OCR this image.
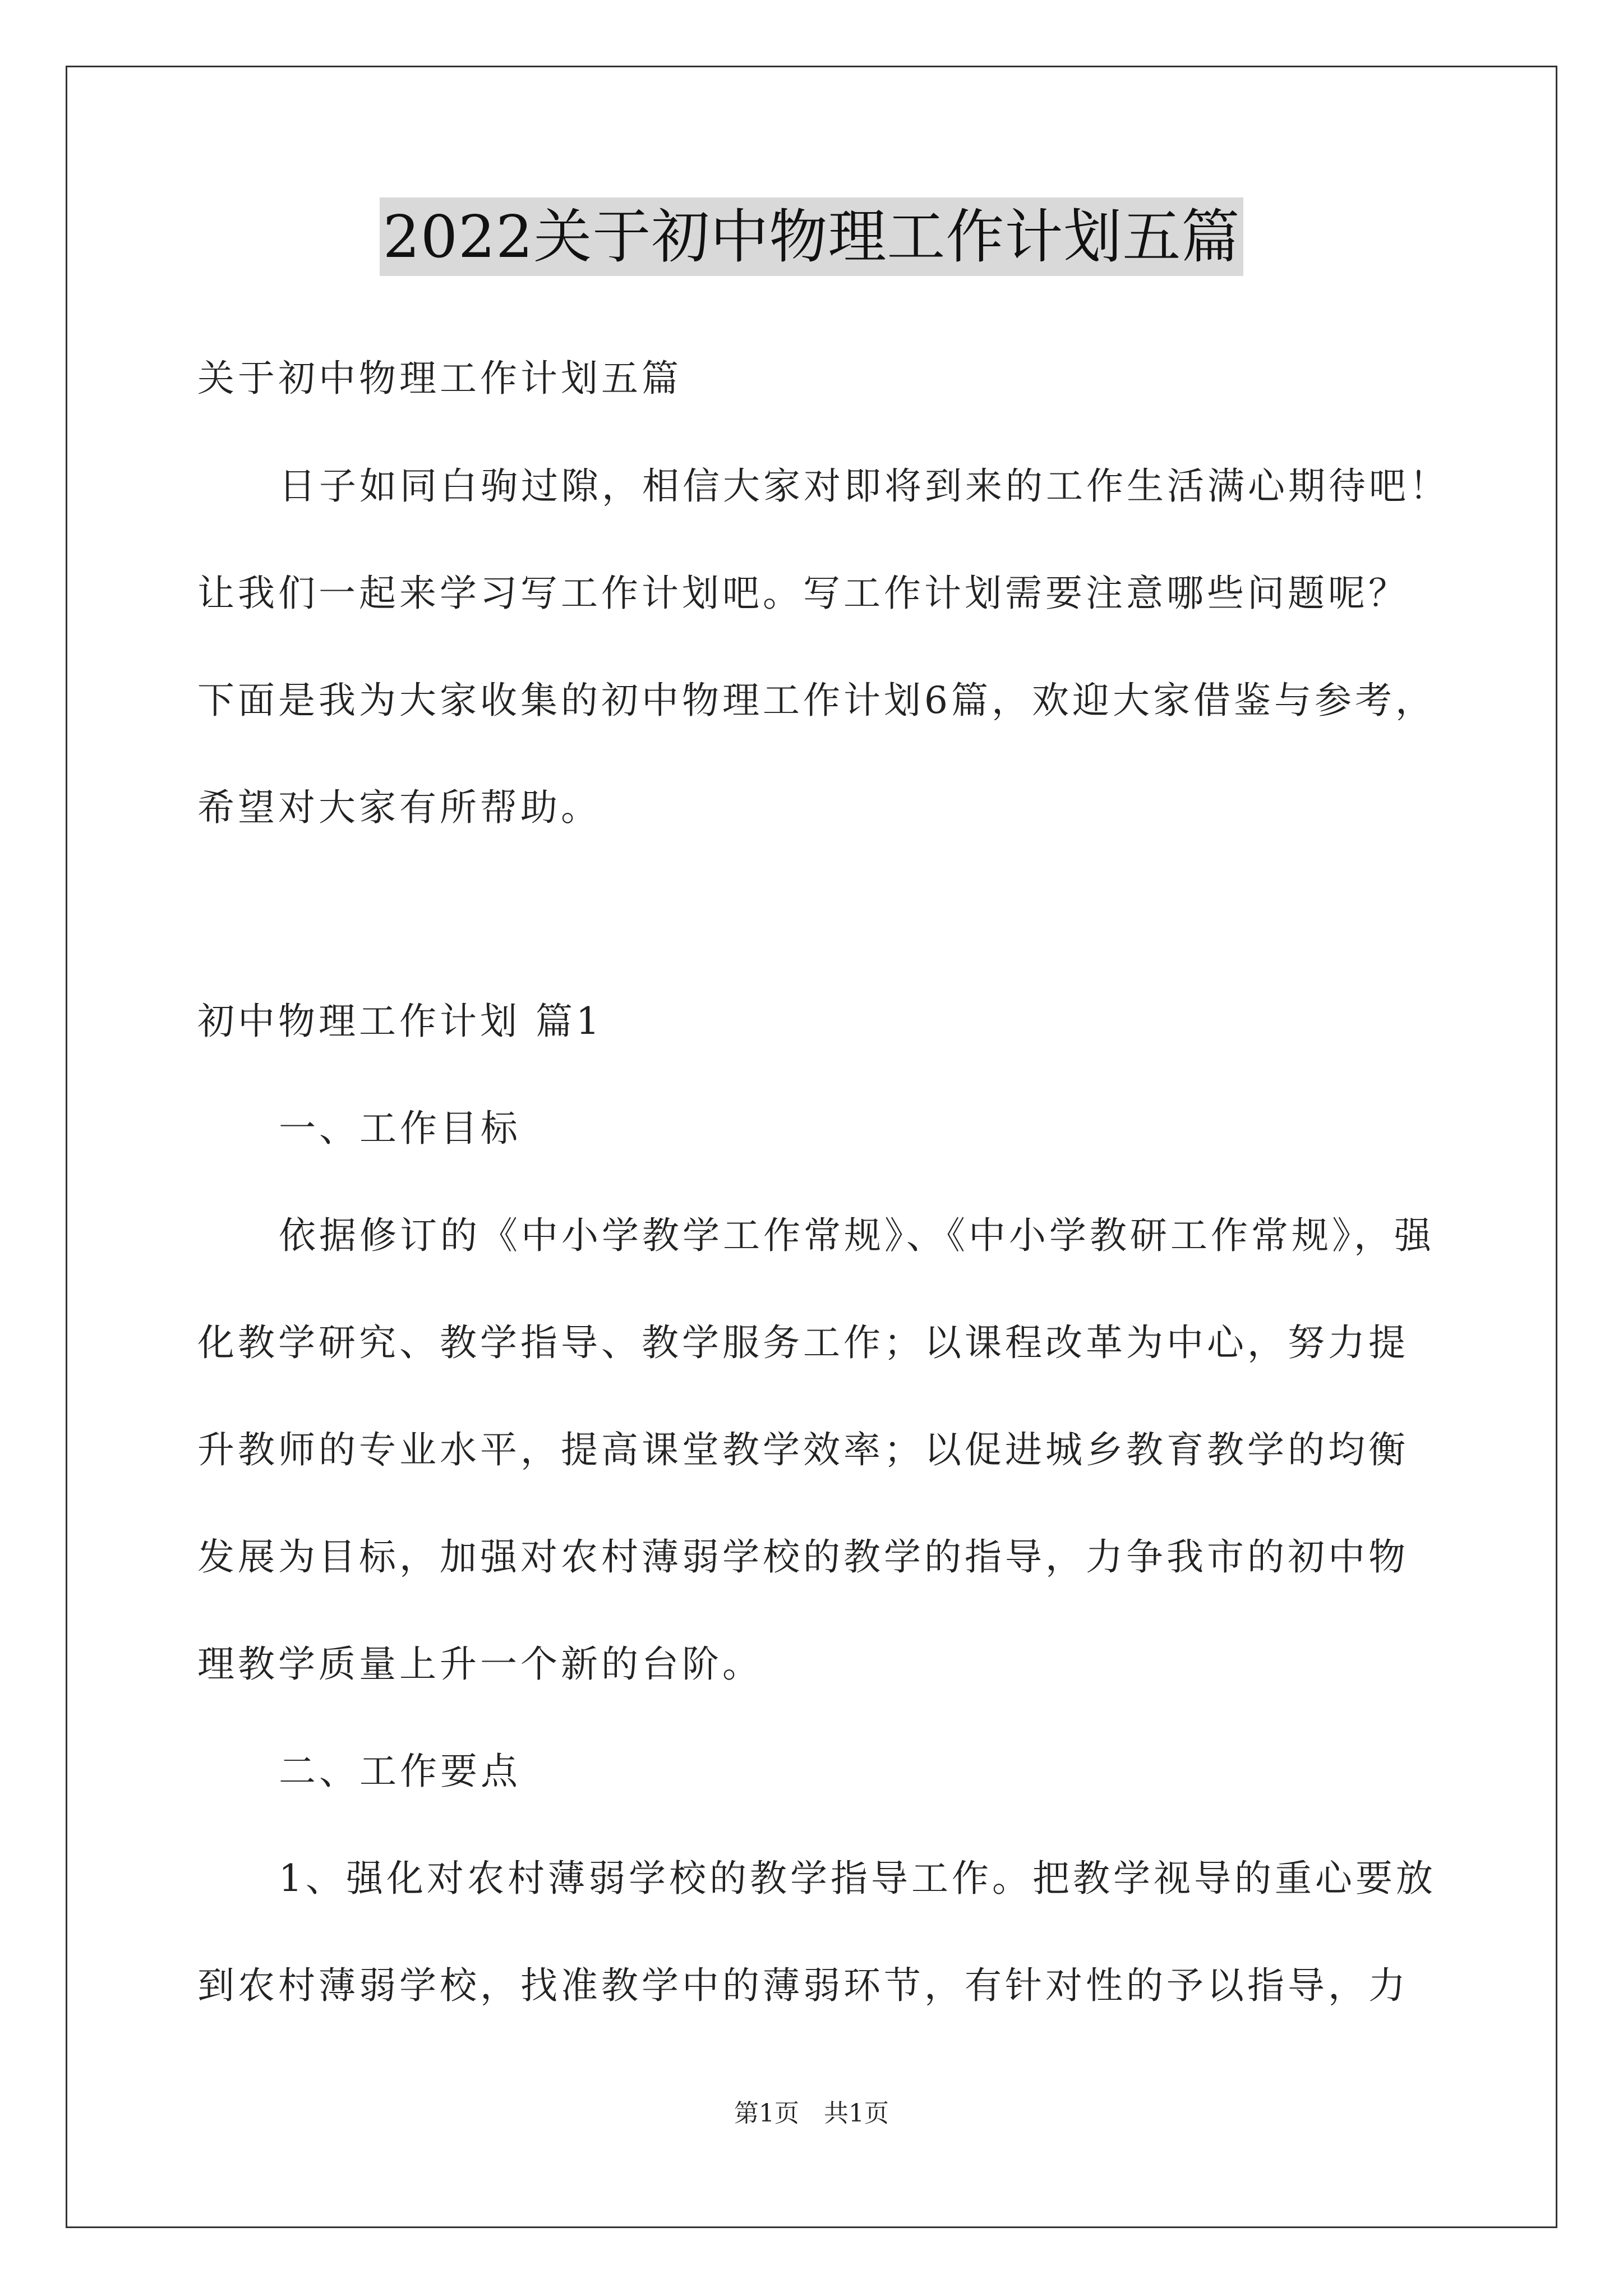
2022关于初中物理工作计划五篇
关于初中物理工作计划五篇
日子如同白驹过隙，相信大家对即将到来的工作生活满心期待吧！
让我们一起来学习写工作计划吧。写工作计划需要注意哪些问题呢？
下面是我为大家收集的初中物理工作计划6篇，欢迎大家借鉴与参考，
希望对大家有所帮助。
初中物理工作计划 篇1
一、工作目标
依据修订的《中小学教学工作常规》、《中小学教研工作常规》，强
化教学研究、教学指导、教学服务工作；以课程改革为中心，努力提
升教师的专业水平，提高课堂教学效率；以促进城乡教育教学的均衡
发展为目标，加强对农村薄弱学校的教学的指导，力争我市的初中物
理教学质量上升一个新的台阶。
二、工作要点
1、强化对农村薄弱学校的教学指导工作。把教学视导的重心要放
到农村薄弱学校，找准教学中的薄弱环节，有针对性的予以指导，力
第1页　共1页
